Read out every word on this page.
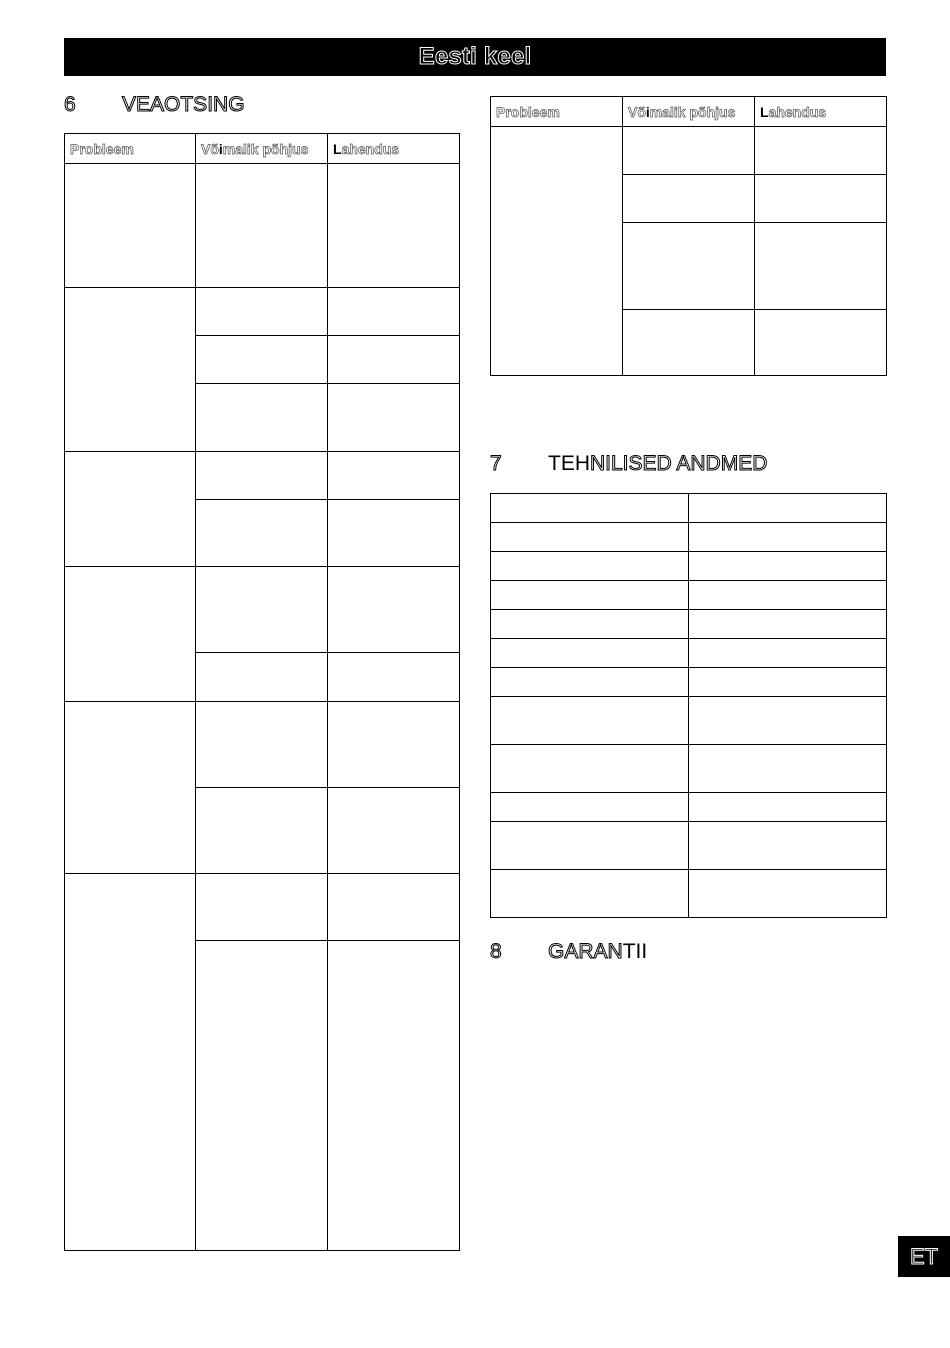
Eesti keel
6 VEAOTSING
Probleem	Võimalik põhjus	Lahendus

Probleem	Võimalik põhjus	Lahendus

7 TEHNILISED ANDMED

8 GARANTII
ET
